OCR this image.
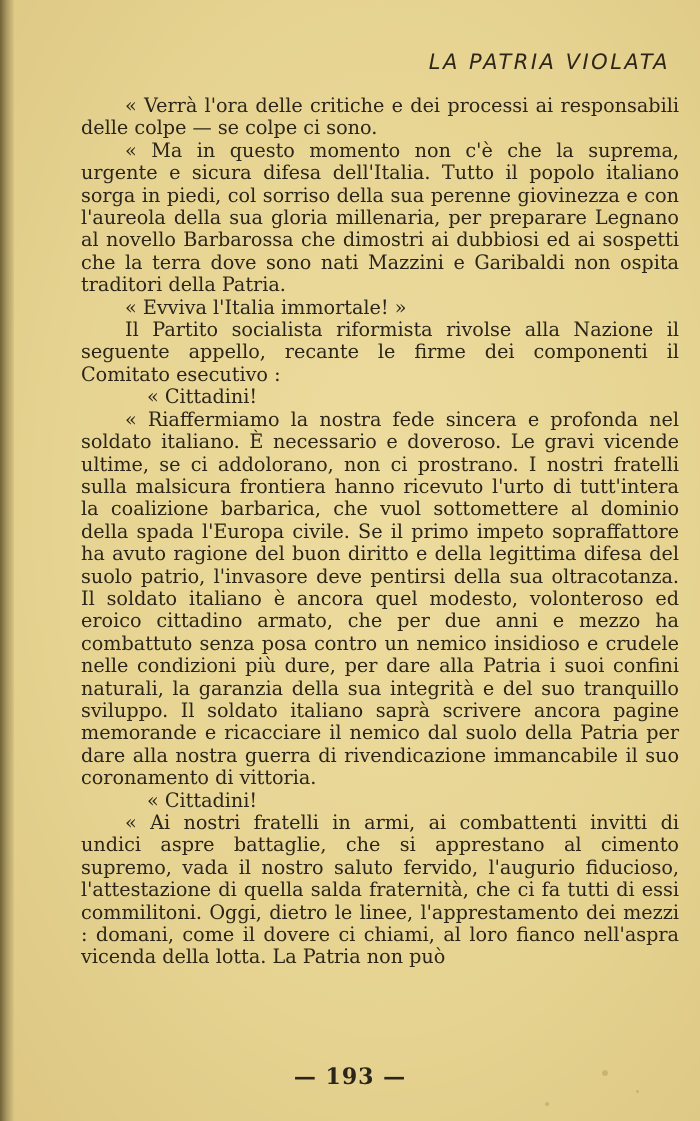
LA PATRIA VIOLATA

« Verrà l'ora delle critiche e dei processi ai responsabili delle colpe — se colpe ci sono.

« Ma in questo momento non c'è che la suprema, urgente e sicura difesa dell'Italia. Tutto il popolo italiano sorga in piedi, col sorriso della sua perenne giovinezza e con l'aureola della sua gloria millenaria, per preparare Legnano al novello Barbarossa che dimostri ai dubbiosi ed ai sospetti che la terra dove sono nati Mazzini e Garibaldi non ospita traditori della Patria.

« Evviva l'Italia immortale! »

Il Partito socialista riformista rivolse alla Nazione il seguente appello, recante le firme dei componenti il Comitato esecutivo :

« Cittadini!

« Riaffermiamo la nostra fede sincera e profonda nel soldato italiano. È necessario e doveroso. Le gravi vicende ultime, se ci addolorano, non ci prostrano. I nostri fratelli sulla malsicura frontiera hanno ricevuto l'urto di tutt'intera la coalizione barbarica, che vuol sottomettere al dominio della spada l'Europa civile. Se il primo impeto sopraffattore ha avuto ragione del buon diritto e della legittima difesa del suolo patrio, l'invasore deve pentirsi della sua oltracotanza. Il soldato italiano è ancora quel modesto, volonteroso ed eroico cittadino armato, che per due anni e mezzo ha combattuto senza posa contro un nemico insidioso e crudele nelle condizioni più dure, per dare alla Patria i suoi confini naturali, la garanzia della sua integrità e del suo tranquillo sviluppo. Il soldato italiano saprà scrivere ancora pagine memorande e ricacciare il nemico dal suolo della Patria per dare alla nostra guerra di rivendicazione immancabile il suo coronamento di vittoria.

« Cittadini!

« Ai nostri fratelli in armi, ai combattenti invitti di undici aspre battaglie, che si apprestano al cimento supremo, vada il nostro saluto fervido, l'augurio fiducioso, l'attestazione di quella salda fraternità, che ci fa tutti di essi commilitoni. Oggi, dietro le linee, l'apprestamento dei mezzi : domani, come il dovere ci chiami, al loro fianco nell'aspra vicenda della lotta. La Patria non può

— 193 —
